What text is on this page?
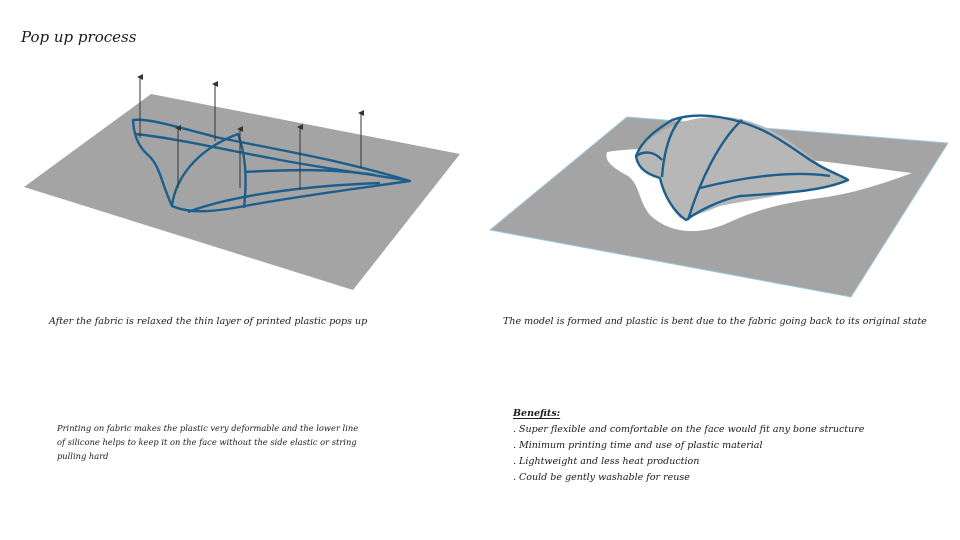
Pop up process
After the fabric is relaxed the thin layer of printed plastic pops up	The model is formed and plastic is bent due to the fabric going back to its original state
Printing on fabric makes the plastic very deformable and the lower line of silicone helps to keep it on the face without the side elastic or string pulling hard
Benefits:
. Super flexible and comfortable on the face would fit any bone structure
. Minimum printing time and use of plastic material
. Lightweight and less heat production
. Could be gently washable for reuse
